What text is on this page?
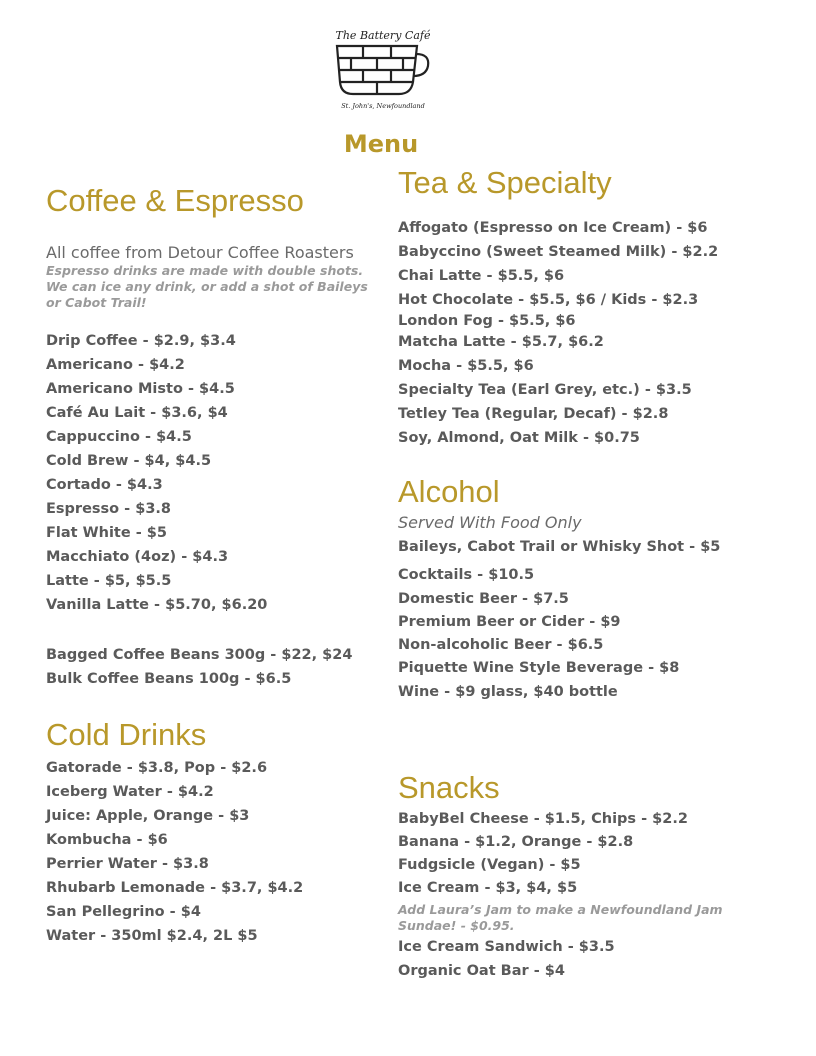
The Battery Café
St. John's, Newfoundland
Menu
Coffee & Espresso
All coffee from Detour Coffee Roasters
Espresso drinks are made with double shots. We can ice any drink, or add a shot of Baileys or Cabot Trail!
Drip Coffee - $2.9, $3.4
Americano - $4.2
Americano Misto - $4.5
Café Au Lait - $3.6, $4
Cappuccino - $4.5
Cold Brew - $4, $4.5
Cortado - $4.3
Espresso - $3.8
Flat White - $5
Macchiato (4oz) - $4.3
Latte - $5, $5.5
Vanilla Latte - $5.70, $6.20
Bagged Coffee Beans 300g - $22, $24
Bulk Coffee Beans 100g - $6.5
Cold Drinks
Gatorade - $3.8, Pop - $2.6
Iceberg Water - $4.2
Juice: Apple, Orange - $3
Kombucha - $6
Perrier Water - $3.8
Rhubarb Lemonade - $3.7, $4.2
San Pellegrino - $4
Water - 350ml $2.4, 2L $5
Tea & Specialty
Affogato (Espresso on Ice Cream) - $6
Babyccino (Sweet Steamed Milk) - $2.2
Chai Latte - $5.5, $6
Hot Chocolate - $5.5, $6 / Kids - $2.3
London Fog - $5.5, $6
Matcha Latte - $5.7, $6.2
Mocha - $5.5, $6
Specialty Tea (Earl Grey, etc.) - $3.5
Tetley Tea (Regular, Decaf) - $2.8
Soy, Almond, Oat Milk - $0.75
Alcohol
Served With Food Only
Baileys, Cabot Trail or Whisky Shot - $5
Cocktails - $10.5
Domestic Beer - $7.5
Premium Beer or Cider - $9
Non-alcoholic Beer - $6.5
Piquette Wine Style Beverage - $8
Wine - $9 glass, $40 bottle
Snacks
BabyBel Cheese - $1.5, Chips - $2.2
Banana - $1.2, Orange - $2.8
Fudgsicle (Vegan) - $5
Ice Cream - $3, $4, $5
Add Laura’s Jam to make a Newfoundland Jam Sundae! - $0.95.
Ice Cream Sandwich - $3.5
Organic Oat Bar - $4
